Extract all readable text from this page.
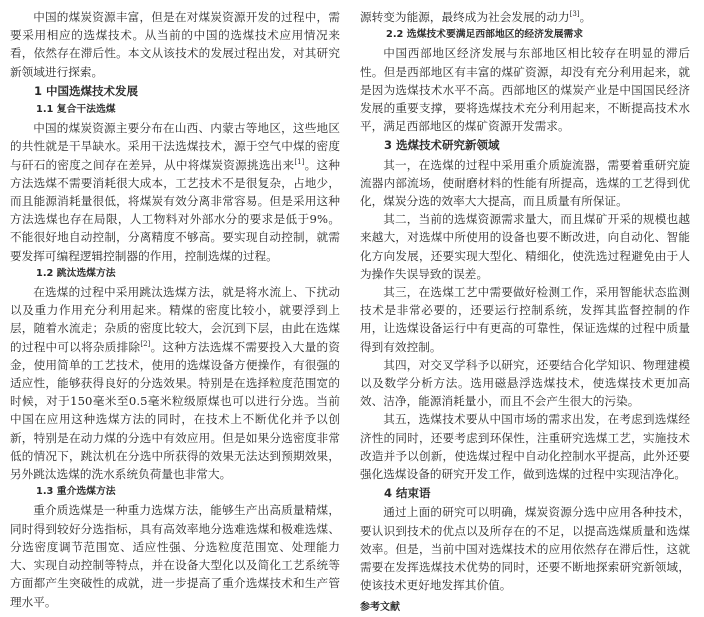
中国的煤炭资源丰富，但是在对煤炭资源开发的过程中，需要采用相应的选煤技术。从当前的中国的选煤技术应用情况来看，依然存在滞后性。本文从该技术的发展过程出发，对其研究新领域进行探索。

1 中国选煤技术发展
1.1 复合干法选煤

中国的煤炭资源主要分布在山西、内蒙古等地区，这些地区的共性就是干旱缺水。采用干法选煤技术，源于空气中煤的密度与矸石的密度之间存在差异，从中将煤炭资源挑选出来[1]。这种方法选煤不需要消耗很大成本，工艺技术不是很复杂，占地少，而且能源消耗量很低，将煤炭有效分离非常容易。但是采用这种方法选煤也存在局限，人工物料对外部水分的要求是低于9%。不能很好地自动控制，分离精度不够高。要实现自动控制，就需要发挥可编程逻辑控制器的作用，控制选煤的过程。

1.2 跳汰选煤方法

在选煤的过程中采用跳汰选煤方法，就是将水流上、下扰动以及重力作用充分利用起来。精煤的密度比较小，就要浮到上层，随着水流走；杂质的密度比较大，会沉到下层，由此在选煤的过程中可以将杂质排除[2]。这种方法选煤不需要投入大量的资金，使用简单的工艺技术，使用的选煤设备方便操作，有很强的适应性，能够获得良好的分选效果。特别是在选择粒度范围宽的时候，对于150毫米至0.5毫米粒级原煤也可以进行分选。当前中国在应用这种选煤方法的同时，在技术上不断优化并予以创新，特别是在动力煤的分选中有效应用。但是如果分选密度非常低的情况下，跳汰机在分选中所获得的效果无法达到预期效果，另外跳汰选煤的洗水系统负荷量也非常大。

1.3 重介选煤方法

重介质选煤是一种重力选煤方法，能够生产出高质量精煤，同时得到较好分选指标，具有高效率地分选难选煤和极难选煤、分选密度调节范围宽、适应性强、分选粒度范围宽、处理能力大、实现自动控制等特点，并在设备大型化以及简化工艺系统等方面都产生突破性的成就，进一步提高了重介选煤技术和生产管理水平。

源转变为能源，最终成为社会发展的动力[3]。

2.2 选煤技术要满足西部地区的经济发展需求

中国西部地区经济发展与东部地区相比较存在明显的滞后性。但是西部地区有丰富的煤矿资源，却没有充分利用起来，就是因为选煤技术水平不高。西部地区的煤炭产业是中国国民经济发展的重要支撑，要将选煤技术充分利用起来，不断提高技术水平，满足西部地区的煤矿资源开发需求。

3 选煤技术研究新领域

其一，在选煤的过程中采用重介质旋流器，需要着重研究旋流器内部流场，使耐磨材料的性能有所提高，选煤的工艺得到优化，煤炭分选的效率大大提高，而且质量有所保证。

其二，当前的选煤资源需求量大，而且煤矿开采的规模也越来越大，对选煤中所使用的设备也要不断改进，向自动化、智能化方向发展，还要实现大型化、精细化，使洗选过程避免由于人为操作失误导致的误差。

其三，在选煤工艺中需要做好检测工作，采用智能状态监测技术是非常必要的，还要运行控制系统，发挥其监督控制的作用，让选煤设备运行中有更高的可靠性，保证选煤的过程中质量得到有效控制。

其四，对交叉学科予以研究，还要结合化学知识、物理建模以及数学分析方法。选用磁悬浮选煤技术，使选煤技术更加高效、洁净，能源消耗量小，而且不会产生很大的污染。

其五，选煤技术要从中国市场的需求出发，在考虑到选煤经济性的同时，还要考虑到环保性，注重研究选煤工艺，实施技术改造并予以创新，使选煤过程中自动化控制水平提高，此外还要强化选煤设备的研究开发工作，做到选煤的过程中实现洁净化。

4 结束语

通过上面的研究可以明确，煤炭资源分选中应用各种技术，要认识到技术的优点以及所存在的不足，以提高选煤质量和选煤效率。但是，当前中国对选煤技术的应用依然存在滞后性，这就需要在发挥选煤技术优势的同时，还要不断地探索研究新领域，使该技术更好地发挥其价值。

参考文献
